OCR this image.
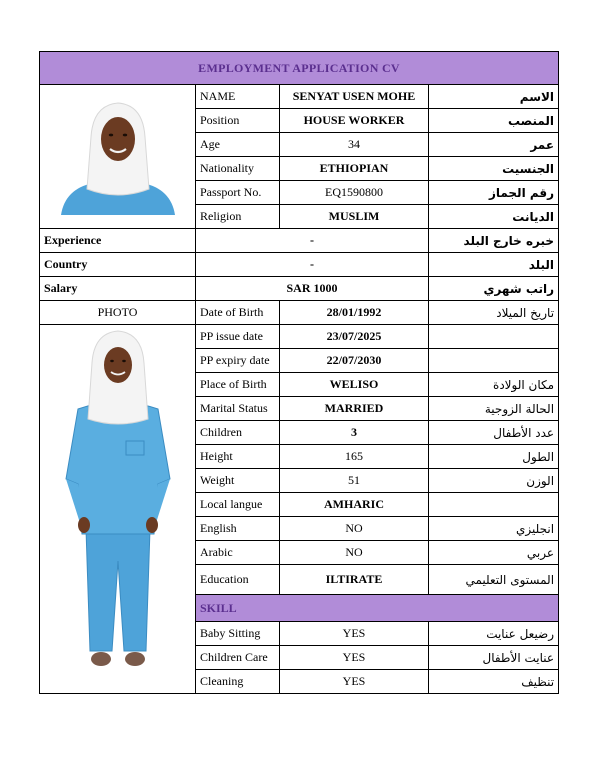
EMPLOYMENT APPLICATION CV			

	NAME	SENYAT USEN MOHE	الاسم
	Position	HOUSE WORKER	المنصب
	Age	34	عمر
	Nationality	ETHIOPIAN	الجنسيت
	Passport No.	EQ1590800	رقم الجماز
	Religion	MUSLIM	الديانت
Experience	-		خبره خارج البلد
Country	-		البلد
Salary	SAR 1000		راتب شهري
PHOTO	Date of Birth	28/01/1992	تاريخ الميلاد

	PP issue date	23/07/2025	
	PP expiry date	22/07/2030	
	Place of Birth	WELISO	مكان الولادة
	Marital Status	MARRIED	الحالة الزوجية
	Children	3	عدد الأطفال
	Height	165	الطول
	Weight	51	الوزن
	Local langue	AMHARIC	
	English	NO	انجليزي
	Arabic	NO	عربي
	Education	ILTIRATE	المستوى التعليمي
	SKILL		
	Baby Sitting	YES	رضيعل عنايت
	Children Care	YES	عنايت الأطفال
	Cleaning	YES	تنظيف
